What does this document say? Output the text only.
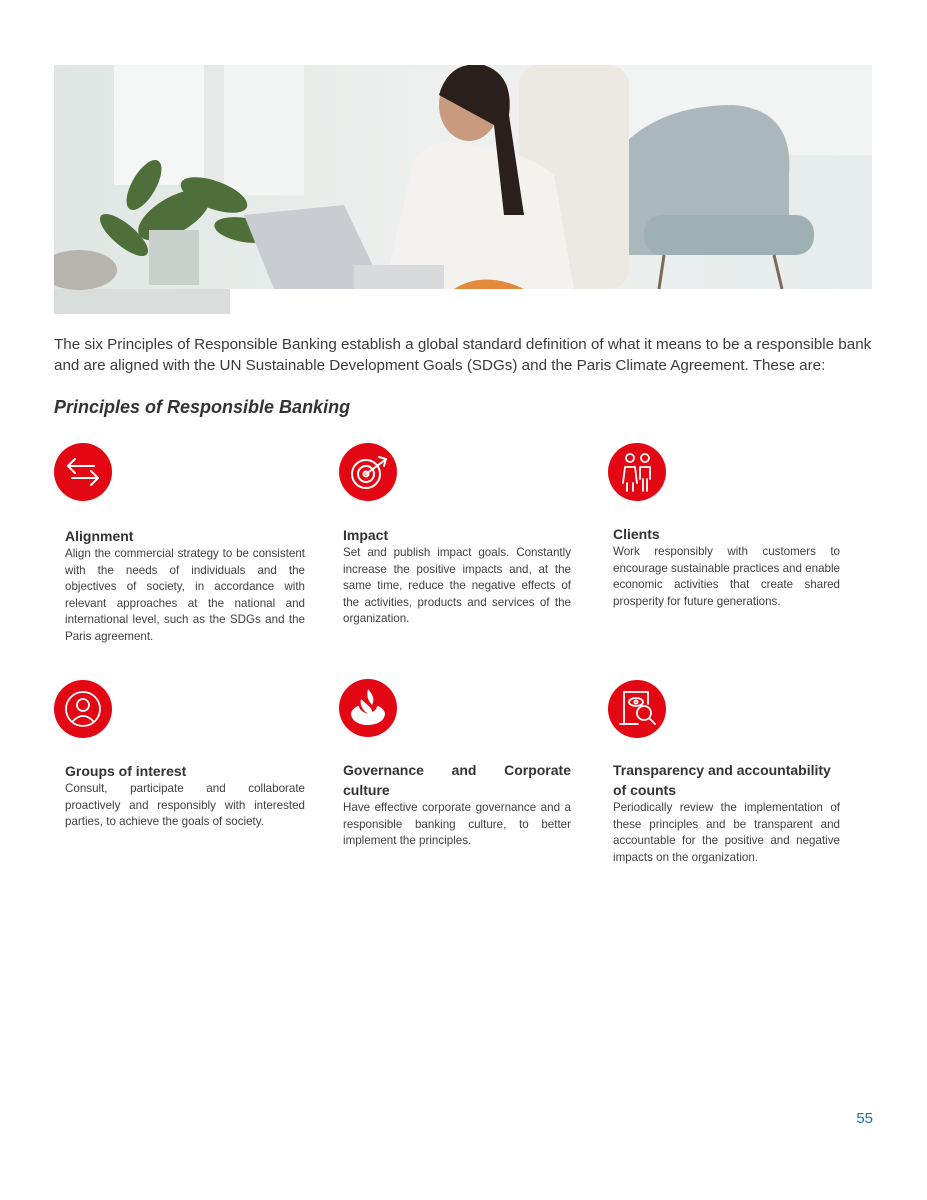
The six Principles of Responsible Banking establish a global standard definition of what it means to be a responsible bank and are aligned with the UN Sustainable Development Goals (SDGs) and the Paris Climate Agreement. These are:

Principles of Responsible Banking
Alignment

Align the commercial strategy to be consistent with the needs of individuals and the objectives of society, in accordance with relevant approaches at the national and international level, such as the SDGs and the Paris agreement.

Impact

Set and publish impact goals. Constantly increase the positive impacts and, at the same time, reduce the negative effects of the activities, products and services of the organization.

Clients

Work responsibly with customers to encourage sustainable practices and enable economic activities that create shared prosperity for future generations.

Groups of interest

Consult, participate and collaborate proactively and responsibly with interested parties, to achieve the goals of society.

Governance and Corporate culture

Have effective corporate governance and a responsible banking culture, to better implement the principles.

Transparency and accountability of counts

Periodically review the implementation of these principles and be transparent and accountable for the positive and negative impacts on the organization.

55
